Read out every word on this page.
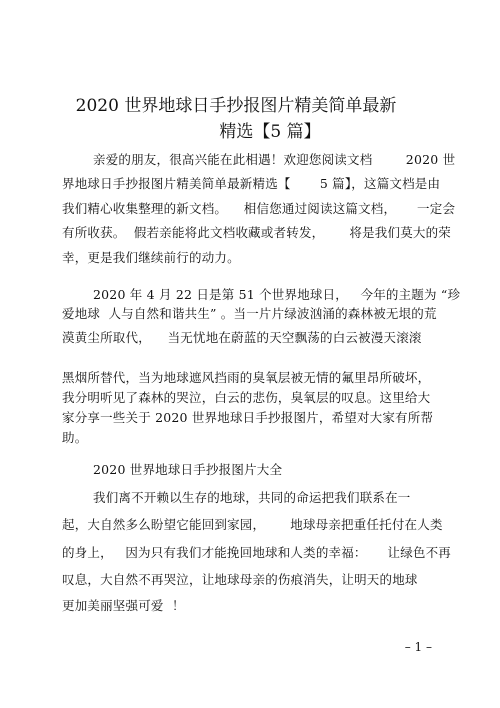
2020 世界地球日手抄报图片精美简单最新
精选【5 篇】
亲爱的朋友，很高兴能在此相遇！欢迎您阅读文档        2020 世
界地球日手抄报图片精美简单最新精选【       5 篇】，这篇文档是由
我们精心收集整理的新文档。    相信您通过阅读这篇文档，     一定会
有所收获。  假若亲能将此文档收藏或者转发，      将是我们莫大的荣
幸，更是我们继续前行的动力。
2020 年 4 月 22 日是第 51 个世界地球日，   今年的主题为 “珍
爱地球  人与自然和谐共生” 。当一片片绿波汹涌的森林被无垠的荒
漠黄尘所取代，    当无忧地在蔚蓝的天空飘荡的白云被漫天滚滚
黑烟所替代，当为地球遮风挡雨的臭氧层被无情的氟里昂所破坏，
我分明听见了森林的哭泣，白云的悲伤，臭氧层的叹息。这里给大
家分享一些关于 2020 世界地球日手抄报图片，希望对大家有所帮
助。
2020 世界地球日手抄报图片大全
我们离不开赖以生存的地球，共同的命运把我们联系在一
起，大自然多么盼望它能回到家园，      地球母亲把重任托付在人类
的身上，   因为只有我们才能挽回地球和人类的幸福：     让绿色不再
叹息，大自然不再哭泣，让地球母亲的伤痕消失，让明天的地球
更加美丽坚强可爱  ！
– 1 –
